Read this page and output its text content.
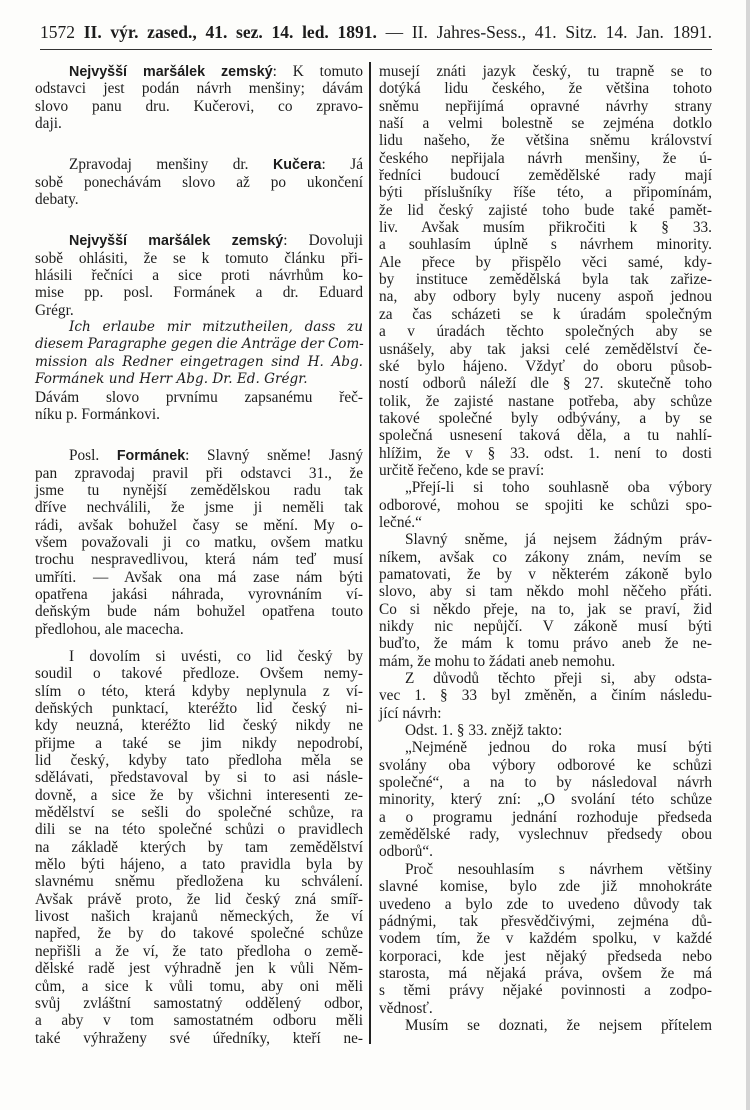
1572 II. výr. zased., 41. sez. 14. led. 1891. — II. Jahres-Sess., 41. Sitz. 14. Jan. 1891.
Nejvyšší maršálek zemský: K tomuto
odstavci jest podán návrh menšiny; dávám
slovo panu dru. Kučerovi, co zpravo-
daji.
Zpravodaj menšiny dr. Kučera: Já
sobě ponechávám slovo až po ukončení
debaty.
Nejvyšší maršálek zemský: Dovoluji
sobě ohlásiti, že se k tomuto článku při-
hlásili řečníci a sice proti návrhům ko-
mise pp. posl. Formánek a dr. Eduard
Grégr.
Ich erlaube mir mitzutheilen, dass zu
diesem Paragraphe gegen die Anträge der Com-
mission als Redner eingetragen sind H. Abg.
Formánek und Herr Abg. Dr. Ed. Grégr.
Dávám slovo prvnímu zapsanému řeč-
níku p. Formánkovi.
Posl. Formánek: Slavný sněme! Jasný
pan zpravodaj pravil při odstavci 31., že
jsme tu nynější zemědělskou radu tak
dříve nechválili, že jsme ji neměli tak
rádi, avšak bohužel časy se mění. My o-
všem považovali ji co matku, ovšem matku
trochu nespravedlivou, která nám teď musí
umříti. — Avšak ona má zase nám býti
opatřena jakási náhrada, vyrovnáním ví-
deňským bude nám bohužel opatřena touto
předlohou, ale macecha.
I dovolím si uvésti, co lid český by
soudil o takové předloze. Ovšem nemy-
slím o této, která kdyby neplynula z ví-
deňských punktací, kteréžto lid český ni-
kdy neuzná, kteréžto lid český nikdy ne
přijme a také se jim nikdy nepodrobí,
lid český, kdyby tato předloha měla se
sdělávati, představoval by si to asi násle-
dovně, a sice že by všichni interesenti ze-
mědělství se sešli do společné schůze, ra
dili se na této společné schůzi o pravidlech
na základě kterých by tam zemědělství
mělo býti hájeno, a tato pravidla byla by
slavnému sněmu předložena ku schválení.
Avšak právě proto, že lid český zná smíř-
livost našich krajanů německých, že ví
napřed, že by do takové společné schůze
nepřišli a že ví, že tato předloha o země-
dělské radě jest výhradně jen k vůli Něm-
cům, a sice k vůli tomu, aby oni měli
svůj zvláštní samostatný oddělený odbor,
a aby v tom samostatném odboru měli
také výhraženy své úředníky, kteří ne-
musejí znáti jazyk český, tu trapně se to
dotýká lidu českého, že většina tohoto
sněmu nepřijímá opravné návrhy strany
naší a velmi bolestně se zejména dotklo
lidu našeho, že většina sněmu království
českého nepřijala návrh menšiny, že ú-
ředníci budoucí zemědělské rady mají
býti příslušníky říše této, a připomínám,
že lid český zajisté toho bude také pamět-
liv. Avšak musím přikročiti k § 33.
a souhlasím úplně s návrhem minority.
Ale přece by přispělo věci samé, kdy-
by instituce zemědělská byla tak zařize-
na, aby odbory byly nuceny aspoň jednou
za čas scházeti se k úradám společným
a v úradách těchto společných aby se
usnášely, aby tak jaksi celé zemědělství če-
ské bylo hájeno. Vždyť do oboru působ-
ností odborů náleží dle § 27. skutečně toho
tolik, že zajisté nastane potřeba, aby schůze
takové společné byly odbývány, a by se
společná usnesení taková děla, a tu nahlí-
hlížim, že v § 33. odst. 1. není to dosti
určitě řečeno, kde se praví:
„Přejí-li si toho souhlasně oba výbory
odborové, mohou se spojiti ke schůzi spo-
lečné.“
Slavný sněme, já nejsem žádným práv-
níkem, avšak co zákony znám, nevím se
pamatovati, že by v některém zákoně bylo
slovo, aby si tam někdo mohl něčeho přáti.
Co si někdo přeje, na to, jak se praví, žid
nikdy nic nepůjčí. V zákoně musí býti
buďto, že mám k tomu právo aneb že ne-
mám, že mohu to žádati aneb nemohu.
Z důvodů těchto přeji si, aby odsta-
vec 1. § 33 byl změněn, a činím následu-
jící návrh:
Odst. 1. § 33. znějž takto:
„Nejméně jednou do roka musí býti
svolány oba výbory odborové ke schůzi
společné“, a na to by následoval návrh
minority, který zní: „O svolání této schůze
a o programu jednání rozhoduje předseda
zemědělské rady, vyslechnuv předsedy obou
odborů“.
Proč nesouhlasím s návrhem většiny
slavné komise, bylo zde již mnohokráte
uvedeno a bylo zde to uvedeno důvody tak
pádnými, tak přesvědčivými, zejména dů-
vodem tím, že v každém spolku, v každé
korporaci, kde jest nějaký předseda nebo
starosta, má nějaká práva, ovšem že má
s těmi právy nějaké povinnosti a zodpo-
vědnosť.
Musím se doznati, že nejsem přítelem
